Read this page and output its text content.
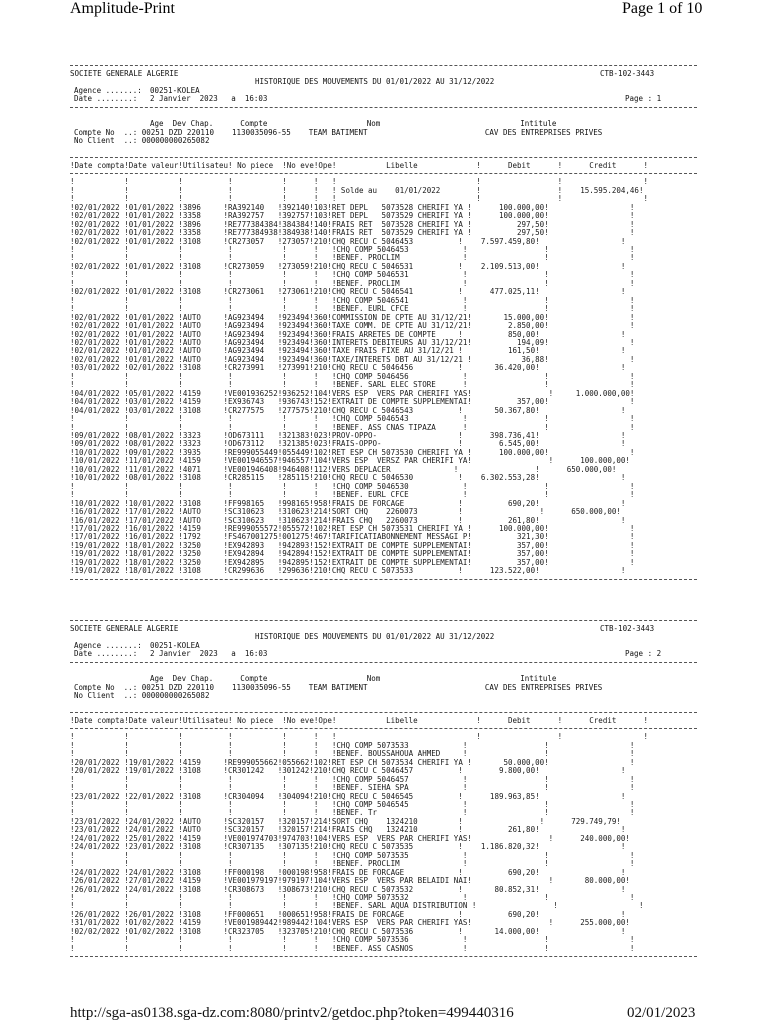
Amplitude-Print	Page 1 of 10
SOCIETE GENERALE ALGERIE	CTB-102-3443
HISTORIQUE DES MOUVEMENTS DU 01/01/2022 AU 31/12/2022
Agence .......: 00251-KOLEA
Date ........: 2 Janvier  2023   a  16:03	Page : 1
Age  Dev Chap.      Compte                      Nom                               Intitule
Compte No  ..: 00251 DZD 220110    1130035096-55    TEAM BATIMENT                          CAV DES ENTREPRISES PRIVES
No Client  ..: 000000000265082
!Date compta!Date valeur!Utilisateu! No piece  !No eve!Ope!           Libelle             !      Debit      !      Credit      !
!           !           !          !           !      !   !                               !                 !                  !
!           !           !          !           !      !   ! Solde au    01/01/2022        !                 !    15.595.204,46!
!           !           !          !           !      !   !                               !                 !                  !
!02/01/2022 !01/01/2022 !3896     !RA392140   !392140!103!RET DEPL   5073528 CHERIFI YA !      100.000,00!                  !
!02/01/2022 !01/01/2022 !3358     !RA392757   !392757!103!RET DEPL   5073529 CHERIFI YA !      100.000,00!                  !
!02/01/2022 !01/01/2022 !3896     !RE777384384!384384!140!FRAIS RET  5073528 CHERIFI YA !          297,50!                  !
!02/01/2022 !01/01/2022 !3358     !RE777384938!384938!140!FRAIS RET  5073529 CHERIFI YA !          297,50!                  !
!02/01/2022 !01/01/2022 !3108     !CR273057   !273057!210!CHQ RECU C 5046453          !    7.597.459,80!                  !
!           !           !          !           !      !   !CHQ COMP 5046453            !                 !                  !
!           !           !          !           !      !   !BENEF. PROCLIM              !                 !                  !
!02/01/2022 !01/01/2022 !3108     !CR273059   !273059!210!CHQ RECU C 5046531          !    2.109.513,00!                  !
!           !           !          !           !      !   !CHQ COMP 5046531            !                 !                  !
!           !           !          !           !      !   !BENEF. PROCLIM              !                 !                  !
!02/01/2022 !01/01/2022 !3108     !CR273061   !273061!210!CHQ RECU C 5046541          !      477.025,11!                  !
!           !           !          !           !      !   !CHQ COMP 5046541            !                 !                  !
!           !           !          !           !      !   !BENEF. EURL CFCE            !                 !                  !
!02/01/2022 !01/01/2022 !AUTO     !AG923494   !923494!360!COMMISSION DE CPTE AU 31/12/21!       15.000,00!                  !
!02/01/2022 !01/01/2022 !AUTO     !AG923494   !923494!360!TAXE COMM. DE CPTE AU 31/12/21!        2.850,00!                  !
!02/01/2022 !01/01/2022 !AUTO     !AG923494   !923494!360!FRAIS ARRETES DE COMPTE     !          850,00!                  !
!02/01/2022 !01/01/2022 !AUTO     !AG923494   !923494!360!INTERETS DEBITEURS AU 31/12/21!          194,09!                  !
!02/01/2022 !01/01/2022 !AUTO     !AG923494   !923494!360!TAXE FRAIS FIXE AU 31/12/21 !          161,50!                  !
!02/01/2022 !01/01/2022 !AUTO     !AG923494   !923494!360!TAXE/INTERETS DBT AU 31/12/21 !           36,88!                  !
!03/01/2022 !02/01/2022 !3108     !CR273991   !273991!210!CHQ RECU C 5046456          !       36.420,00!                  !
!           !           !          !           !      !   !CHQ COMP 5046456            !                 !                  !
!           !           !          !           !      !   !BENEF. SARL ELEC STORE      !                 !                  !
!04/01/2022 !05/01/2022 !4159     !VE001936252!936252!104!VERS ESP  VERS PAR CHERIFI YAS!                 !     1.000.000,00!
!04/01/2022 !03/01/2022 !4159     !EX936743   !936743!152!EXTRAIT DE COMPTE SUPPLEMENTAI!          357,00!                  !
!04/01/2022 !03/01/2022 !3108     !CR277575   !277575!210!CHQ RECU C 5046543          !       50.367,80!                  !
!           !           !          !           !      !   !CHQ COMP 5046543            !                 !                  !
!           !           !          !           !      !   !BENEF. ASS CNAS TIPAZA      !                 !                  !
!09/01/2022 !08/01/2022 !3323     !OD673111   !321383!023!PROV-OPPO-                  !      398.736,41!                  !
!09/01/2022 !08/01/2022 !3323     !OD673112   !321385!023!FRAIS-OPPO-                 !        6.545,00!                  !
!10/01/2022 !09/01/2022 !3935     !RE999055449!055449!102!RET ESP CH 5073530 CHERIFI YA !      100.000,00!                  !
!10/01/2022 !11/01/2022 !4159     !VE001946557!946557!104!VERS ESP  VERSZ PAR CHERIFI YA!                 !      100.000,00!
!10/01/2022 !11/01/2022 !4071     !VE001946408!946408!112!VERS DEPLACER              !                 !      650.000,00!
!10/01/2022 !08/01/2022 !3108     !CR285115   !285115!210!CHQ RECU C 5046530          !    6.302.553,28!                  !
!           !           !          !           !      !   !CHQ COMP 5046530            !                 !                  !
!           !           !          !           !      !   !BENEF. EURL CFCE            !                 !                  !
!10/01/2022 !10/01/2022 !3108     !FF998165   !998165!958!FRAIS DE FORCAGE            !          690,20!                  !
!16/01/2022 !17/01/2022 !AUTO     !SC310623   !310623!214!SORT CHQ    2260073         !                 !      650.000,00!
!16/01/2022 !17/01/2022 !AUTO     !SC310623   !310623!214!FRAIS CHQ   2260073         !          261,80!                  !
!17/01/2022 !16/01/2022 !4159     !RE999055572!055572!102!RET ESP CH 5073531 CHERIFI YA !      100.000,00!                  !
!17/01/2022 !16/01/2022 !1792     !FS467001275!001275!467!TARIFICATIABONNEMENT MESSAGI P!          321,30!                  !
!19/01/2022 !18/01/2022 !3250     !EX942893   !942893!152!EXTRAIT DE COMPTE SUPPLEMENTAI!          357,00!                  !
!19/01/2022 !18/01/2022 !3250     !EX942894   !942894!152!EXTRAIT DE COMPTE SUPPLEMENTAI!          357,00!                  !
!19/01/2022 !18/01/2022 !3250     !EX942895   !942895!152!EXTRAIT DE COMPTE SUPPLEMENTAI!          357,00!                  !
!19/01/2022 !18/01/2022 !3108     !CR299636   !299636!210!CHQ RECU C 5073533          !      123.522,00!                  !
SOCIETE GENERALE ALGERIE	CTB-102-3443
HISTORIQUE DES MOUVEMENTS DU 01/01/2022 AU 31/12/2022
Agence .......: 00251-KOLEA
Date ........: 2 Janvier  2023   a  16:03	Page : 2
Age  Dev Chap.      Compte                      Nom                               Intitule
Compte No  ..: 00251 DZD 220110    1130035096-55    TEAM BATIMENT                          CAV DES ENTREPRISES PRIVES
No Client  ..: 000000000265082
!Date compta!Date valeur!Utilisateu! No piece  !No eve!Ope!           Libelle             !      Debit      !      Credit      !
!           !           !          !           !      !   !                               !                 !                  !
!           !           !          !           !      !   !CHQ COMP 5073533            !                 !                  !
!           !           !          !           !      !   !BENEF. BOUSSAHOUA AHMED     !                 !                  !
!20/01/2022 !19/01/2022 !4159     !RE999055662!055662!102!RET ESP CH 5073534 CHERIFI YA !       50.000,00!                  !
!20/01/2022 !19/01/2022 !3108     !CR301242   !301242!210!CHQ RECU C 5046457          !        9.800,00!                  !
!           !           !          !           !      !   !CHQ COMP 5046457            !                 !                  !
!           !           !          !           !      !   !BENEF. SIEHA SPA            !                 !                  !
!23/01/2022 !22/01/2022 !3108     !CR304094   !304094!210!CHQ RECU C 5046545          !      189.963,85!                  !
!           !           !          !           !      !   !CHQ COMP 5046545            !                 !                  !
!           !           !          !           !      !   !BENEF. Tr                   !                 !                  !
!23/01/2022 !24/01/2022 !AUTO     !SC320157   !320157!214!SORT CHQ    1324210         !                 !      729.749,79!
!23/01/2022 !24/01/2022 !AUTO     !SC320157   !320157!214!FRAIS CHQ   1324210         !          261,80!                  !
!24/01/2022 !25/01/2022 !4159     !VE001974703!974703!104!VERS ESP  VERS PAR CHERIFI YAS!                 !      240.000,00!
!24/01/2022 !23/01/2022 !3108     !CR307135   !307135!210!CHQ RECU C 5073535          !    1.186.820,32!                  !
!           !           !          !           !      !   !CHQ COMP 5073535            !                 !                  !
!           !           !          !           !      !   !BENEF. PROCLIM              !                 !                  !
!24/01/2022 !24/01/2022 !3108     !FF000198   !000198!958!FRAIS DE FORCAGE            !          690,20!                  !
!26/01/2022 !27/01/2022 !4159     !VE001979197!979197!104!VERS ESP  VERS PAR BELAIDI NAI!                 !       80.000,00!
!26/01/2022 !24/01/2022 !3108     !CR308673   !308673!210!CHQ RECU C 5073532          !       80.852,31!                  !
!           !           !          !           !      !   !CHQ COMP 5073532            !                 !                  !
!           !           !          !           !      !   !BENEF. SARL AQUA DISTRIBUTION !                 !                  !
!26/01/2022 !26/01/2022 !3108     !FF000651   !000651!958!FRAIS DE FORCAGE            !          690,20!                  !
!31/01/2022 !01/02/2022 !4159     !VE001989442!989442!104!VERS ESP  VERS PAR CHERIFI YAS!                 !      255.000,00!
!02/02/2022 !01/02/2022 !3108     !CR323705   !323705!210!CHQ RECU C 5073536          !       14.000,00!                  !
!           !           !          !           !      !   !CHQ COMP 5073536            !                 !                  !
!           !           !          !           !      !   !BENEF. ASS CASNOS           !                 !                  !
http://sga-as0138.sga-dz.com:8080/printv2/getdoc.php?token=499440316	02/01/2023
